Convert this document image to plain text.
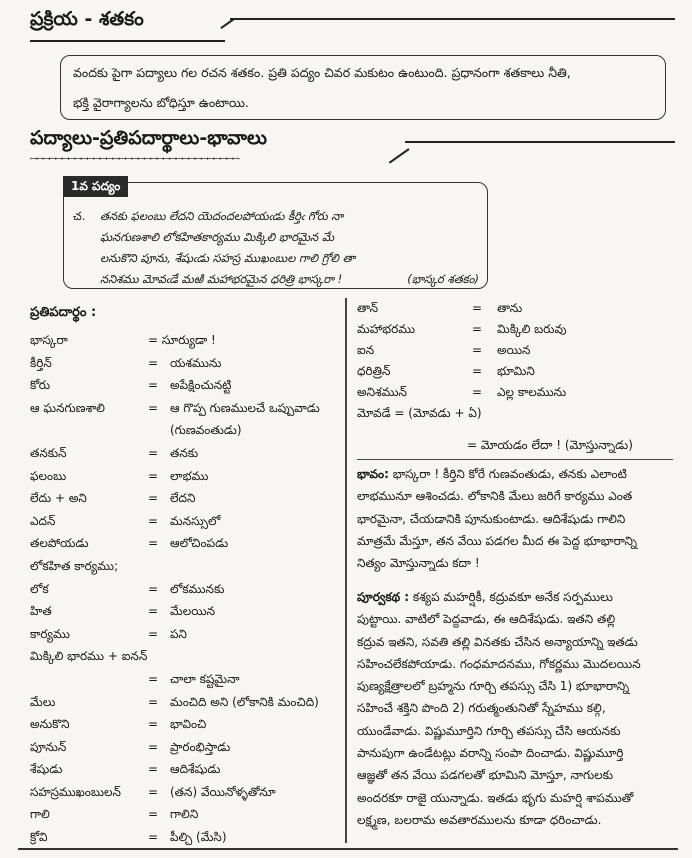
ప్రక్రియ - శతకం
వందకు పైగా పద్యాలు గల రచన శతకం. ప్రతి పద్యం చివర మకుటం ఉంటుంది. ప్రధానంగా శతకాలు నీతి,
భక్తి వైరాగ్యాలను బోధిస్తూ ఉంటాయి.
పద్యాలు-ప్రతిపదార్థాలు-భావాలు
ꟷꟷꟷꟷꟷꟷꟷꟷꟷꟷꟷꟷꟷꟷꟷꟷꟷꟷꟷꟷꟷꟷꟷꟷꟷꟷꟷꟷꟷꟷꟷꟷꟷ
చ. తనకు ఫలంబు లేదని యెదందలపోయఁడు కీర్తిఁ గోరు నా
ఘనగుణశాలి లోకహితకార్యము మిక్కిలి భారమైన మే
లనుకొని పూను, శేషుఁడు సహస్ర ముఖంబుల గాలి గ్రోలి తా
ననిశము మోవఁడే మఱి మహాభరమైన ధరిత్రి భాస్కరా !	(భాస్కర శతకం)
1వ పద్యం
ప్రతిపదార్థం :
భాస్కరా	= సూర్యుడా !
కీర్తిన్	= యశమును
కోరు	= అపేక్షించునట్టి
ఆ ఘనగుణశాలి	= ఆ గొప్ప గుణములచే ఒప్పువాడు
(గుణవంతుడు)
తనకున్	= తనకు
ఫలంబు	= లాభము
లేదు + అని	= లేదని
ఎదన్	= మనస్సులో
తలపోయడు	= ఆలోచింపడు
లోకహిత కార్యము;
లోక	= లోకమునకు
హిత	= మేలయిన
కార్యము	= పని
మిక్కిలి భారము + ఐనన్
= చాలా కష్టమైనా
మేలు	= మంచిది అని (లోకానికి మంచిది)
అనుకొని	= భావించి
పూనున్	= ప్రారంభిస్తాడు
శేషుడు	= ఆదిశేషుడు
సహస్రముఖంబులన్ = (తన) వేయినోళ్ళతోనూ
గాలి	= గాలిని
క్రోవి	= పీల్చి (మేసి)
తాన్	= తాను
మహాభరము	= మిక్కిలి బరువు
ఐన	= అయిన
ధరిత్రిన్	= భూమిని
అనిశమున్	= ఎల్ల కాలమును
మోవడే = (మోవడు + ఏ)
= మోయడం లేదా ! (మోస్తున్నాడు)
భావం: భాస్కరా ! కీర్తిని కోరే గుణవంతుడు, తనకు ఎలాంటి
లాభమునూ ఆశించడు. లోకానికి మేలు జరిగే కార్యము ఎంత
భారమైనా, చేయడానికి పూనుకుంటాడు. ఆదిశేషుడు గాలిని
మాత్రమే మేస్తూ, తన వేయి పడగల మీద ఈ పెద్ద భూభారాన్ని
నిత్యం మోస్తున్నాడు కదా !
పూర్వకథ : కశ్యప మహర్షికీ, కద్రువకూ అనేక సర్పములు
పుట్టాయి. వాటిలో పెద్దవాడు, ఈ ఆదిశేషుడు. ఇతని తల్లి
కద్రువ ఇతని, సవతి తల్లి వినతకు చేసిన అన్యాయాన్ని ఇతడు
సహించలేకపోయాడు. గంధమాదనము, గోకర్ణము మొదలయిన
పుణ్యక్షేత్రాలలో బ్రహ్మను గూర్చి తపస్సు చేసి 1) భూభారాన్ని
సహించే శక్తిని పొంది 2) గరుత్మంతునితో స్నేహము కల్గి,
యుండేవాడు. విష్ణుమూర్తిని గూర్చి తపస్సు చేసి ఆయనకు
పానుపుగా ఉండేటట్లు వరాన్ని సంపా దించాడు. విష్ణుమూర్తి
ఆజ్ఞతో తన వేయి పడగలతో భూమిని మోస్తూ, నాగులకు
అందరకూ రాజై యున్నాడు. ఇతడు భృగు మహర్షి శాపముతో
లక్ష్మణ, బలరామ అవతారములను కూడా ధరించాడు.
